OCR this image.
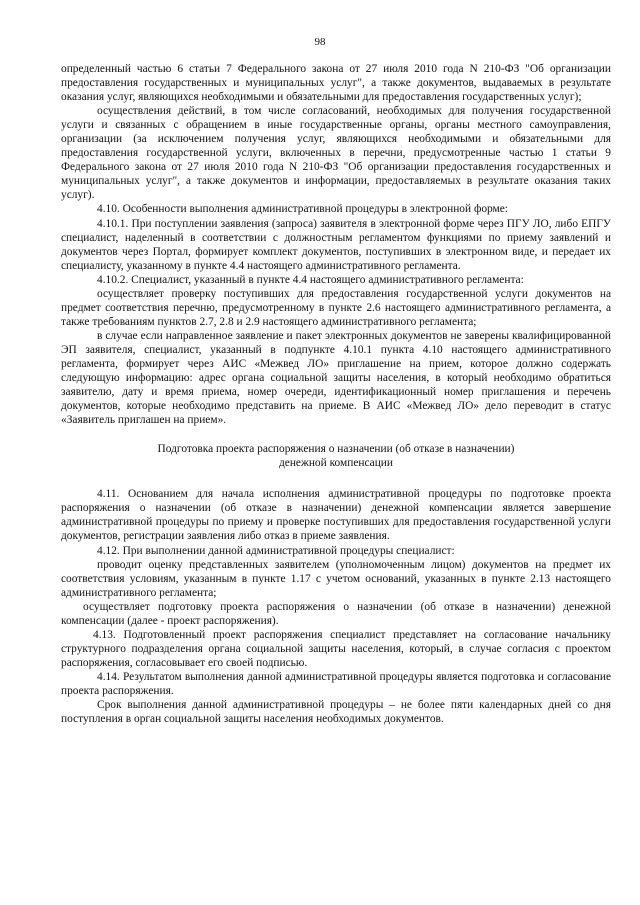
98

определенный частью 6 статьи 7 Федерального закона от 27 июля 2010 года N 210-ФЗ "Об организации предоставления государственных и муниципальных услуг", а также документов, выдаваемых в результате оказания услуг, являющихся необходимыми и обязательными для предоставления государственных услуг);

осуществления действий, в том числе согласований, необходимых для получения государственной услуги и связанных с обращением в иные государственные органы, органы местного самоуправления, организации (за исключением получения услуг, являющихся необходимыми и обязательными для предоставления государственной услуги, включенных в перечни, предусмотренные частью 1 статьи 9 Федерального закона от 27 июля 2010 года N 210-ФЗ "Об организации предоставления государственных и муниципальных услуг", а также документов и информации, предоставляемых в результате оказания таких услуг).

4.10. Особенности выполнения административной процедуры в электронной форме:

4.10.1. При поступлении заявления (запроса) заявителя в электронной форме через ПГУ ЛО, либо ЕПГУ специалист, наделенный в соответствии с должностным регламентом функциями по приему заявлений и документов через Портал, формирует комплект документов, поступивших в электронном виде, и передает их специалисту, указанному в пункте 4.4 настоящего административного регламента.

4.10.2. Специалист, указанный в пункте 4.4 настоящего административного регламента:

осуществляет проверку поступивших для предоставления государственной услуги документов на предмет соответствия перечню, предусмотренному в пункте 2.6 настоящего административного регламента, а также требованиям пунктов 2.7, 2.8 и 2.9 настоящего административного регламента;

в случае если направленное заявление и пакет электронных документов не заверены квалифицированной ЭП заявителя, специалист, указанный в подпункте 4.10.1 пункта 4.10 настоящего административного регламента, формирует через АИС «Межвед ЛО» приглашение на прием, которое должно содержать следующую информацию: адрес органа социальной защиты населения, в который необходимо обратиться заявителю, дату и время приема, номер очереди, идентификационный номер приглашения и перечень документов, которые необходимо представить на приеме. В АИС «Межвед ЛО» дело переводит в статус «Заявитель приглашен на прием».

Подготовка проекта распоряжения о назначении (об отказе в назначении)
денежной компенсации

4.11. Основанием для начала исполнения административной процедуры по подготовке проекта распоряжения о назначении (об отказе в назначении) денежной компенсации является завершение административной процедуры по приему и проверке поступивших для предоставления государственной услуги документов, регистрации заявления либо отказ в приеме заявления.

4.12. При выполнении данной административной процедуры специалист:

проводит оценку представленных заявителем (уполномоченным лицом) документов на предмет их соответствия условиям, указанным в пункте 1.17 с учетом оснований, указанных в пункте 2.13 настоящего административного регламента;

осуществляет подготовку проекта распоряжения о назначении (об отказе в назначении) денежной компенсации (далее - проект распоряжения).

4.13. Подготовленный проект распоряжения специалист представляет на согласование начальнику структурного подразделения органа социальной защиты населения, который, в случае согласия с проектом распоряжения, согласовывает его своей подписью.

4.14. Результатом выполнения данной административной процедуры является подготовка и согласование проекта распоряжения.

Срок выполнения данной административной процедуры – не более пяти календарных дней со дня поступления в орган социальной защиты населения необходимых документов.
